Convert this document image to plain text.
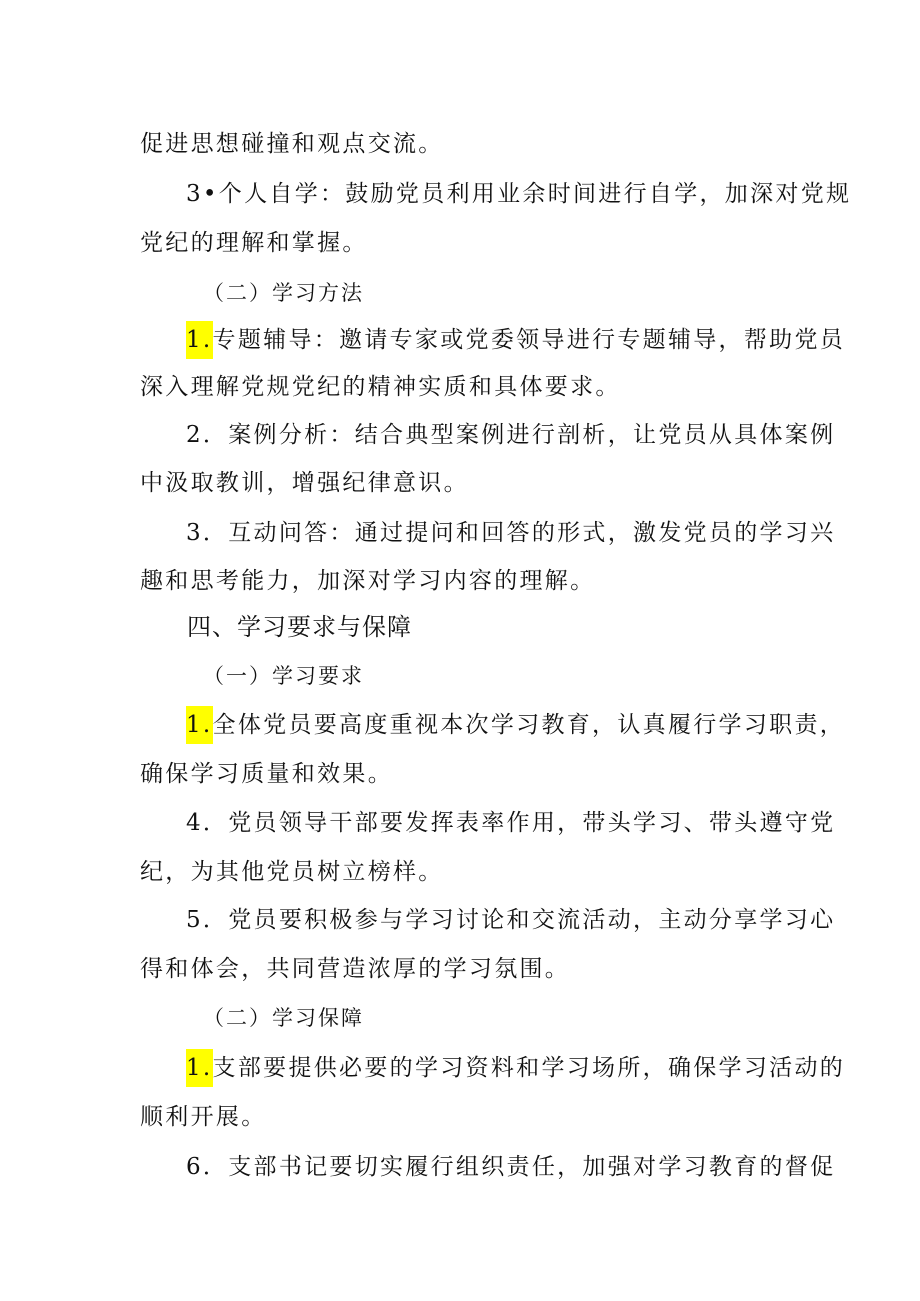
促进思想碰撞和观点交流。
3•个人自学：鼓励党员利用业余时间进行自学，加深对党规
党纪的理解和掌握。
（二）学习方法
1.专题辅导：邀请专家或党委领导进行专题辅导，帮助党员
深入理解党规党纪的精神实质和具体要求。
2．案例分析：结合典型案例进行剖析，让党员从具体案例
中汲取教训，增强纪律意识。
3．互动问答：通过提问和回答的形式，激发党员的学习兴
趣和思考能力，加深对学习内容的理解。
四、学习要求与保障
（一）学习要求
1.全体党员要高度重视本次学习教育，认真履行学习职责，
确保学习质量和效果。
4．党员领导干部要发挥表率作用，带头学习、带头遵守党
纪，为其他党员树立榜样。
5．党员要积极参与学习讨论和交流活动，主动分享学习心
得和体会，共同营造浓厚的学习氛围。
（二）学习保障
1.支部要提供必要的学习资料和学习场所，确保学习活动的
顺利开展。
6．支部书记要切实履行组织责任，加强对学习教育的督促
